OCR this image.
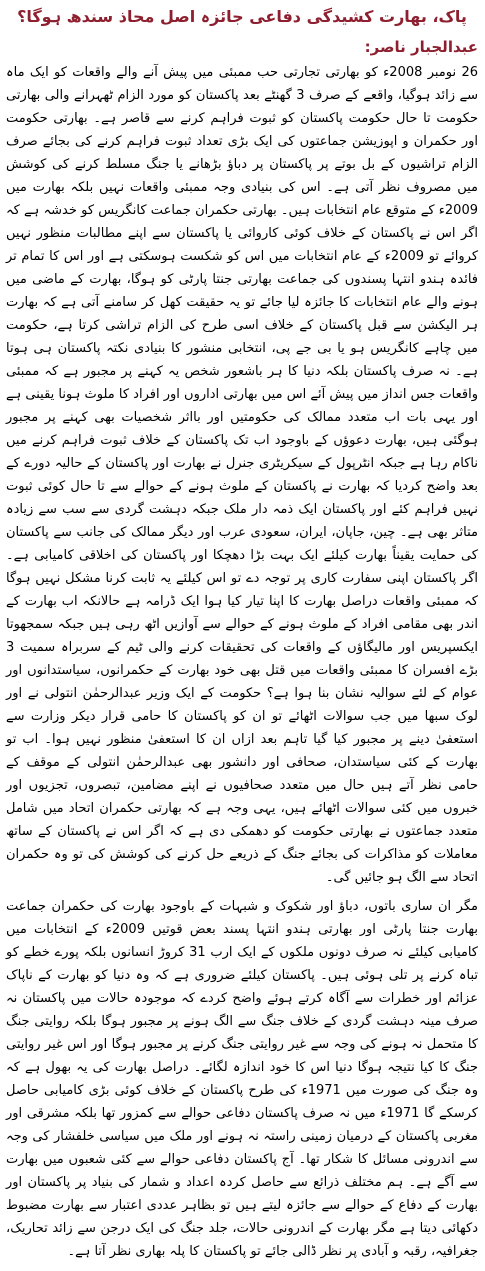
پاک، بھارت کشیدگی دفاعی جائزہ اصل محاذ سندھ ہوگا؟
عبدالجبار ناصر:

26 نومبر 2008ء کو بھارتی تجارتی حب ممبئی میں پیش آنے والے واقعات کو ایک ماہ سے زائد ہوگیا، واقعے کے صرف 3 گھنٹے بعد پاکستان کو مورد الزام ٹھہرانے والی بھارتی حکومت تا حال حکومت پاکستان کو ثبوت فراہم کرنے سے قاصر ہے۔ بھارتی حکومت اور حکمران و اپوزیشن جماعتوں کی ایک بڑی تعداد ثبوت فراہم کرنے کی بجائے صرف الزام تراشیوں کے بل بوتے پر پاکستان پر دباؤ بڑھانے یا جنگ مسلط کرنے کی کوشش میں مصروف نظر آتی ہے۔ اس کی بنیادی وجہ ممبئی واقعات نہیں بلکہ بھارت میں 2009ء کے متوقع عام انتخابات ہیں۔ بھارتی حکمران جماعت کانگریس کو خدشہ ہے کہ اگر اس نے پاکستان کے خلاف کوئی کاروائی یا پاکستان سے اپنے مطالبات منظور نہیں کروائے تو 2009ء کے عام انتخابات میں اس کو شکست ہوسکتی ہے اور اس کا تمام تر فائدہ ہندو انتہا پسندوں کی جماعت بھارتی جنتا پارٹی کو ہوگا، بھارت کے ماضی میں ہونے والے عام انتخابات کا جائزہ لیا جائے تو یہ حقیقت کھل کر سامنے آتی ہے کہ بھارت ہر الیکشن سے قبل پاکستان کے خلاف اسی طرح کی الزام تراشی کرتا ہے، حکومت میں چاہے کانگریس ہو یا بی جے پی، انتخابی منشور کا بنیادی نکتہ پاکستان ہی ہوتا ہے۔ نہ صرف پاکستان بلکہ دنیا کا ہر باشعور شخص یہ کہنے پر مجبور ہے کہ ممبئی واقعات جس انداز میں پیش آئے اس میں بھارتی اداروں اور افراد کا ملوث ہونا یقینی ہے اور یہی بات اب متعدد ممالک کی حکومتیں اور بااثر شخصیات بھی کہنے پر مجبور ہوگئی ہیں، بھارت دعوؤں کے باوجود اب تک پاکستان کے خلاف ثبوت فراہم کرنے میں ناکام رہا ہے جبکہ انٹرپول کے سیکریٹری جنرل نے بھارت اور پاکستان کے حالیہ دورے کے بعد واضح کردیا کہ بھارت نے پاکستان کے ملوث ہونے کے حوالے سے تا حال کوئی ثبوت نہیں فراہم کئے اور پاکستان ایک ذمہ دار ملک جبکہ دہشت گردی سے سب سے زیادہ متاثر بھی ہے۔ چین، جاپان، ایران، سعودی عرب اور دیگر ممالک کی جانب سے پاکستان کی حمایت یقیناً بھارت کیلئے ایک بہت بڑا دھچکا اور پاکستان کی اخلاقی کامیابی ہے۔ اگر پاکستان اپنی سفارت کاری پر توجہ دے تو اس کیلئے یہ ثابت کرنا مشکل نہیں ہوگا کہ ممبئی واقعات دراصل بھارت کا اپنا تیار کیا ہوا ایک ڈرامہ ہے حالانکہ اب بھارت کے اندر بھی مقامی افراد کے ملوث ہونے کے حوالے سے آوازیں اٹھ رہی ہیں جبکہ سمجھوتا ایکسپریس اور مالیگاؤں کے واقعات کی تحقیقات کرنے والی ٹیم کے سربراہ سمیت 3 بڑے افسران کا ممبئی واقعات میں قتل بھی خود بھارت کے حکمرانوں، سیاستدانوں اور عوام کے لئے سوالیہ نشان بنا ہوا ہے؟ حکومت کے ایک وزیر عبدالرحمٰن انتولی نے اور لوک سبھا میں جب سوالات اٹھائے تو ان کو پاکستان کا حامی قرار دیکر وزارت سے استعفیٰ دینے پر مجبور کیا گیا تاہم بعد ازاں ان کا استعفیٰ منظور نہیں ہوا۔ اب تو بھارت کے کئی سیاستدان، صحافی اور دانشور بھی عبدالرحمٰن انتولی کے موقف کے حامی نظر آتے ہیں حال میں متعدد صحافیوں نے اپنے مضامین، تبصروں، تجزیوں اور خبروں میں کئی سوالات اٹھائے ہیں، یہی وجہ ہے کہ بھارتی حکمران اتحاد میں شامل متعدد جماعتوں نے بھارتی حکومت کو دھمکی دی ہے کہ اگر اس نے پاکستان کے ساتھ معاملات کو مذاکرات کی بجائے جنگ کے ذریعے حل کرنے کی کوشش کی تو وہ حکمران اتحاد سے الگ ہو جائیں گی۔

مگر ان ساری باتوں، دباؤ اور شکوک و شبہات کے باوجود بھارت کی حکمران جماعت بھارت جنتا پارٹی اور بھارتی ہندو انتہا پسند بعض قوتیں 2009ء کے انتخابات میں کامیابی کیلئے نہ صرف دونوں ملکوں کے ایک ارب 31 کروڑ انسانوں بلکہ پورے خطے کو تباہ کرنے پر تلی ہوئی ہیں۔ پاکستان کیلئے ضروری ہے کہ وہ دنیا کو بھارت کے ناپاک عزائم اور خطرات سے آگاہ کرتے ہوئے واضح کردے کہ موجودہ حالات میں پاکستان نہ صرف مینہ دہشت گردی کے خلاف جنگ سے الگ ہونے پر مجبور ہوگا بلکہ روایتی جنگ کا متحمل نہ ہونے کی وجہ سے غیر روایتی جنگ کرنے پر مجبور ہوگا اور اس غیر روایتی جنگ کا کیا نتیجہ ہوگا دنیا اس کا خود اندازہ لگائے۔ دراصل بھارت کی یہ بھول ہے کہ وہ جنگ کی صورت میں 1971ء کی طرح پاکستان کے خلاف کوئی بڑی کامیابی حاصل کرسکے گا 1971ء میں نہ صرف پاکستان دفاعی حوالے سے کمزور تھا بلکہ مشرقی اور مغربی پاکستان کے درمیان زمینی راستہ نہ ہونے اور ملک میں سیاسی خلفشار کی وجہ سے اندرونی مسائل کا شکار تھا۔ آج پاکستان دفاعی حوالے سے کئی شعبوں میں بھارت سے آگے ہے۔ ہم مختلف ذرائع سے حاصل کردہ اعداد و شمار کی بنیاد پر پاکستان اور بھارت کے دفاع کے حوالے سے جائزہ لیتے ہیں تو بظاہر عددی اعتبار سے بھارت مضبوط دکھائی دیتا ہے مگر بھارت کے اندرونی حالات، جلد جنگ کی ایک درجن سے زائد تحاریک، جغرافیہ، رقبہ و آبادی پر نظر ڈالی جائے تو پاکستان کا پلہ بھاری نظر آتا ہے۔
